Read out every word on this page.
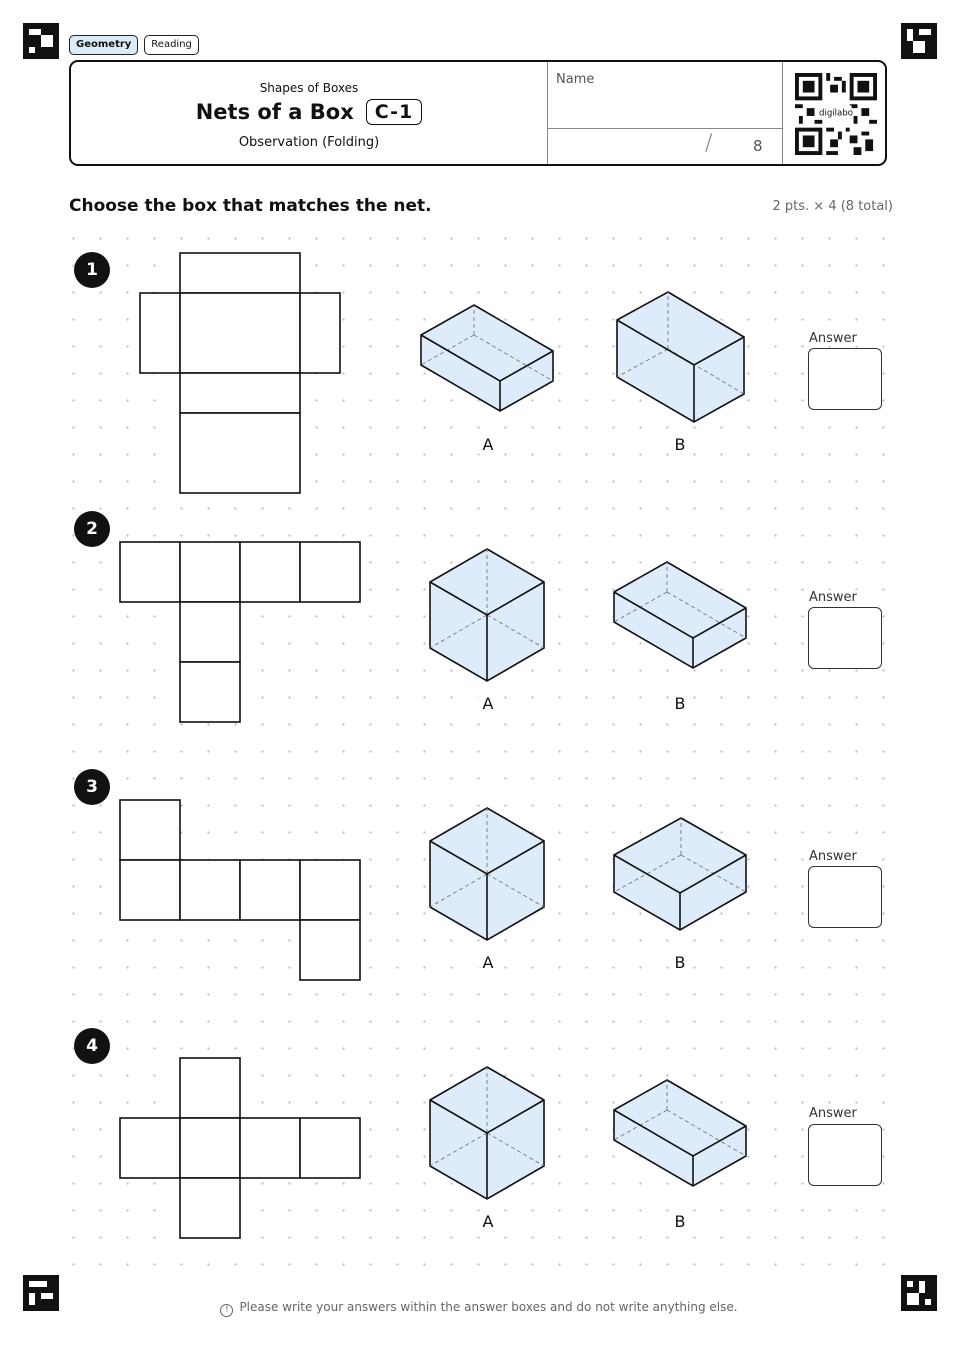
Geometry	Reading
Shapes of Boxes
Nets of a Box	C-1
Observation (Folding)
Name
/	8
digilabo
Choose the box that matches the net.	2 pts. × 4 (8 total)
1
A	B
Answer
2
A	B
Answer
3
A	B
Answer
4
A	B
Answer
! Please write your answers within the answer boxes and do not write anything else.
